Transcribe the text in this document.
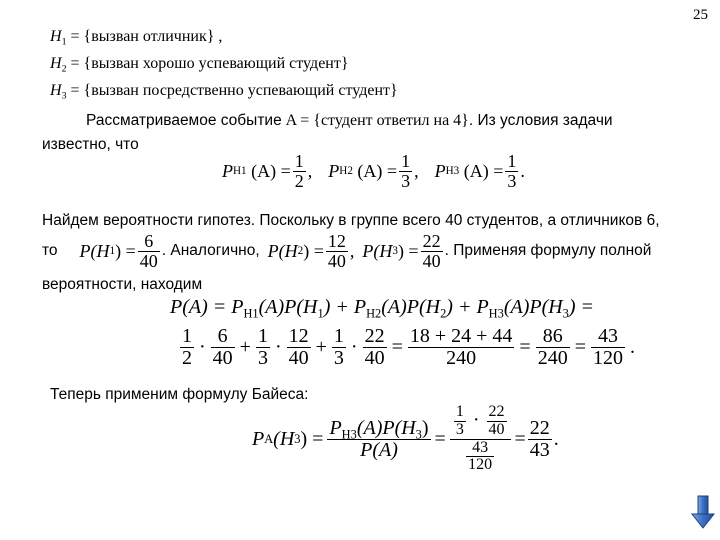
25
$H_1$ = {вызван отличник} ,
$H_2$ = {вызван хорошо успевающий студент}
$H_3$ = {вызван посредственно успевающий студент}
Рассматриваемое событие A = {студент ответил на 4}. Из условия задачи
известно, что
P H1
$(A) = \frac{1}{2}$ , P H2
$(A) = \frac{1}{3}$ , P H3
$(A) = \frac{1}{3}$ .
Найдем вероятности гипотез. Поскольку в группе всего 40 студентов, а отличников 6,
то P(H 1 ) = $\frac{6}{40}$ . Аналогично, P(H 2 ) = $\frac{12}{40}$ , P(H 3 ) = $\frac{22}{40}$ . Применяя формулу полной
вероятности, находим
$P(A) = P_{H1}(A)P(H_1) + P_{H2}(A)P(H_2) + P_{H3}(A)P(H_3)$ =
$\frac{1}{2} \cdot \frac{6}{40} + \frac{1}{3} \cdot \frac{12}{40} + \frac{1}{3} \cdot \frac{22}{40} = \frac{18 + 24 + 44}{240} = \frac{86}{240} = \frac{43}{120}$ .
Теперь применим формулу Байеса:
P A (H 3 ) = $\frac{P_{H3}(A)P(H_3)}{P(A)} = \frac{\frac{1}{3} \cdot \frac{22}{40}}{\frac{43}{120}} = \frac{22}{43}$ .
